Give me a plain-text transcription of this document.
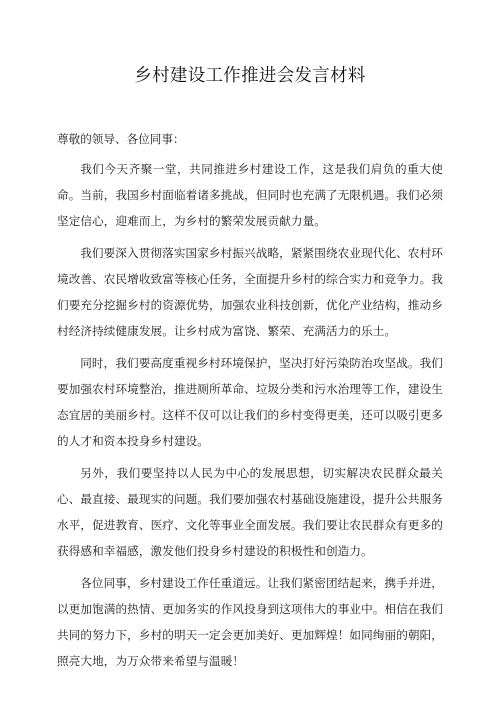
乡村建设工作推进会发言材料

尊敬的领导、各位同事：

我们今天齐聚一堂，共同推进乡村建设工作，这是我们肩负的重大使命。当前，我国乡村面临着诸多挑战，但同时也充满了无限机遇。我们必须坚定信心，迎难而上，为乡村的繁荣发展贡献力量。

我们要深入贯彻落实国家乡村振兴战略，紧紧围绕农业现代化、农村环境改善、农民增收致富等核心任务，全面提升乡村的综合实力和竞争力。我们要充分挖掘乡村的资源优势，加强农业科技创新，优化产业结构，推动乡村经济持续健康发展。让乡村成为富饶、繁荣、充满活力的乐土。

同时，我们要高度重视乡村环境保护，坚决打好污染防治攻坚战。我们要加强农村环境整治，推进厕所革命、垃圾分类和污水治理等工作，建设生态宜居的美丽乡村。这样不仅可以让我们的乡村变得更美，还可以吸引更多的人才和资本投身乡村建设。

另外，我们要坚持以人民为中心的发展思想，切实解决农民群众最关心、最直接、最现实的问题。我们要加强农村基础设施建设，提升公共服务水平，促进教育、医疗、文化等事业全面发展。我们要让农民群众有更多的获得感和幸福感，激发他们投身乡村建设的积极性和创造力。

各位同事，乡村建设工作任重道远。让我们紧密团结起来，携手并进，以更加饱满的热情、更加务实的作风投身到这项伟大的事业中。相信在我们共同的努力下，乡村的明天一定会更加美好、更加辉煌！如同绚丽的朝阳，照亮大地，为万众带来希望与温暖！
